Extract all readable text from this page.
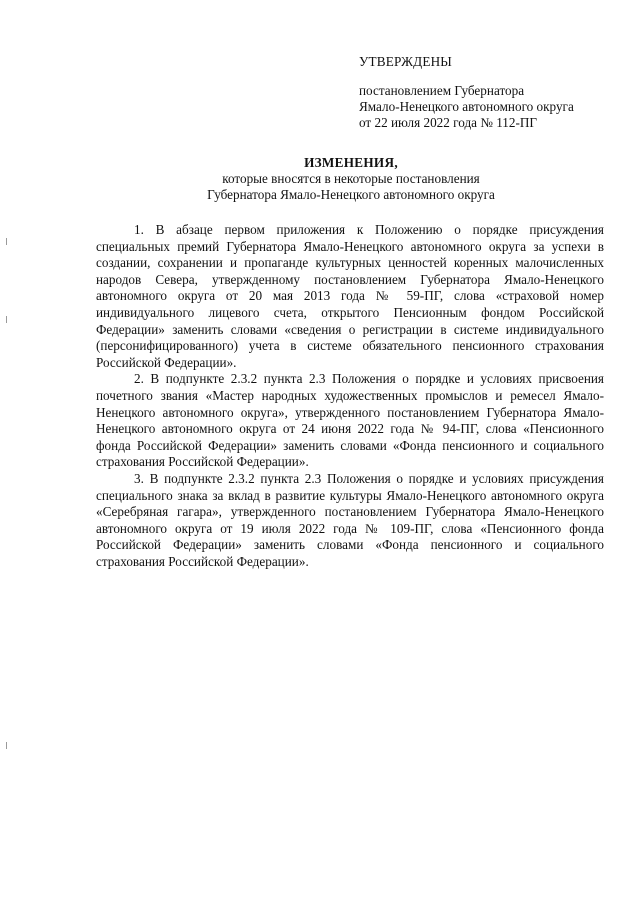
УТВЕРЖДЕНЫ
постановлением Губернатора
Ямало-Ненецкого автономного округа
от 22 июля 2022 года № 112-ПГ
ИЗМЕНЕНИЯ,
которые вносятся в некоторые постановления
Губернатора Ямало-Ненецкого автономного округа

1. В абзаце первом приложения к Положению о порядке присуждения специальных премий Губернатора Ямало-Ненецкого автономного округа за успехи в создании, сохранении и пропаганде культурных ценностей коренных малочисленных народов Севера, утвержденному постановлением Губернатора Ямало-Ненецкого автономного округа от 20 мая 2013 года № 59-ПГ, слова «страховой номер индивидуального лицевого счета, открытого Пенсионным фондом Российской Федерации» заменить словами «сведения о регистрации в системе индивидуального (персонифицированного) учета в системе обязательного пенсионного страхования Российской Федерации».

2. В подпункте 2.3.2 пункта 2.3 Положения о порядке и условиях присвоения почетного звания «Мастер народных художественных промыслов и ремесел Ямало-Ненецкого автономного округа», утвержденного постановлением Губернатора Ямало-Ненецкого автономного округа от 24 июня 2022 года № 94-ПГ, слова «Пенсионного фонда Российской Федерации» заменить словами «Фонда пенсионного и социального страхования Российской Федерации».

3. В подпункте 2.3.2 пункта 2.3 Положения о порядке и условиях присуждения специального знака за вклад в развитие культуры Ямало-Ненецкого автономного округа «Серебряная гагара», утвержденного постановлением Губернатора Ямало-Ненецкого автономного округа от 19 июля 2022 года № 109-ПГ, слова «Пенсионного фонда Российской Федерации» заменить словами «Фонда пенсионного и социального страхования Российской Федерации».
